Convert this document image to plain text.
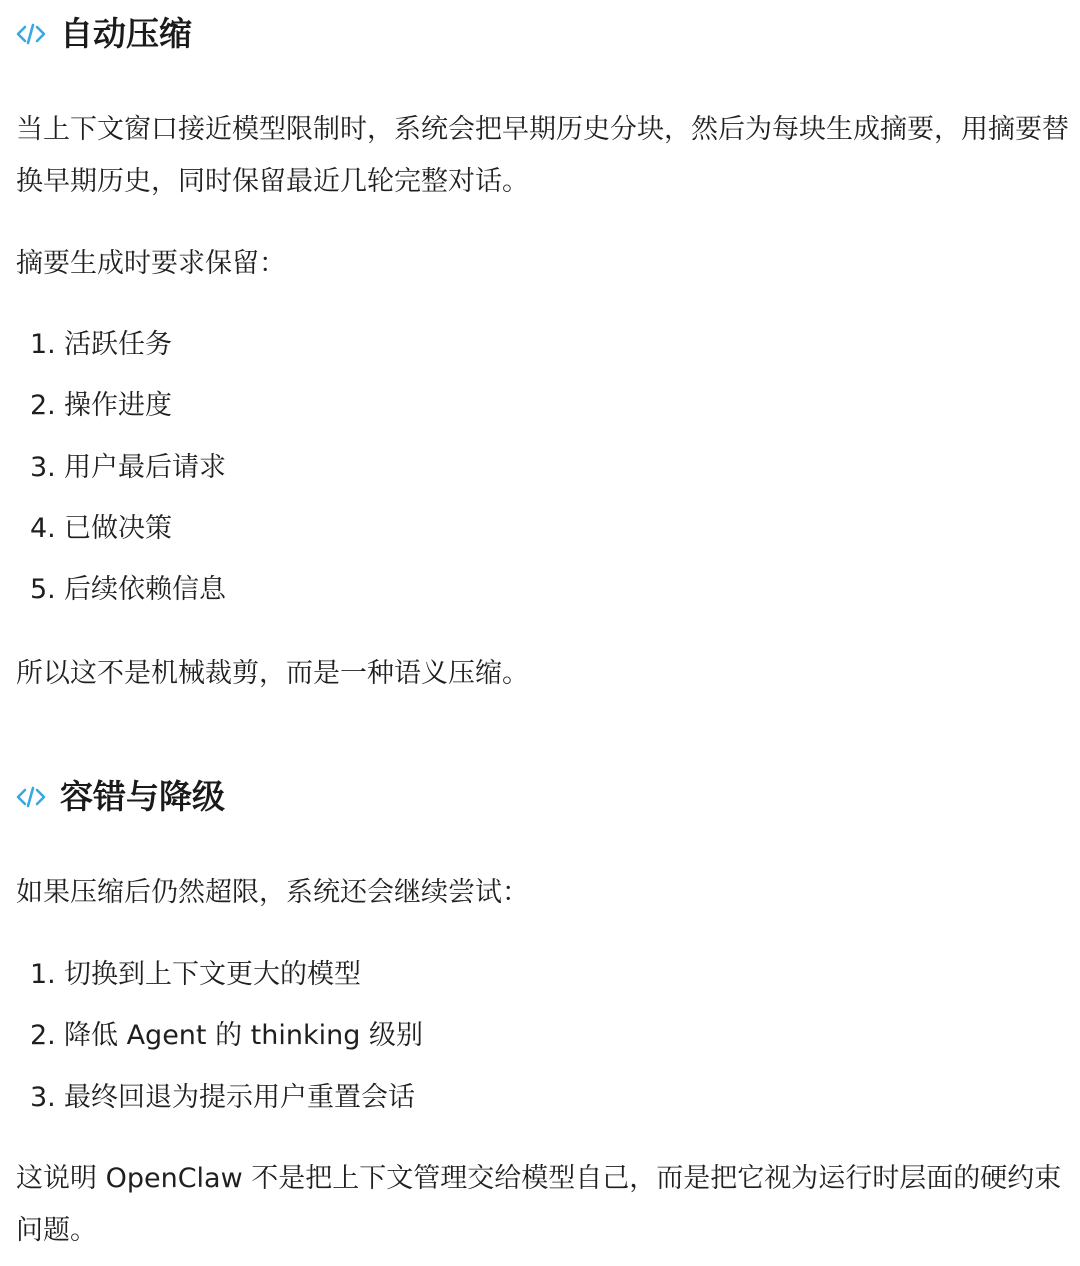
自动压缩

当上下文窗口接近模型限制时，系统会把早期历史分块，然后为每块生成摘要，用摘要替换早期历史，同时保留最近几轮完整对话。

摘要生成时要求保留：

1. 活跃任务
2. 操作进度
3. 用户最后请求
4. 已做决策
5. 后续依赖信息

所以这不是机械裁剪，而是一种语义压缩。

容错与降级

如果压缩后仍然超限，系统还会继续尝试：

1. 切换到上下文更大的模型
2. 降低 Agent 的 thinking 级别
3. 最终回退为提示用户重置会话

这说明 OpenClaw 不是把上下文管理交给模型自己，而是把它视为运行时层面的硬约束问题。
